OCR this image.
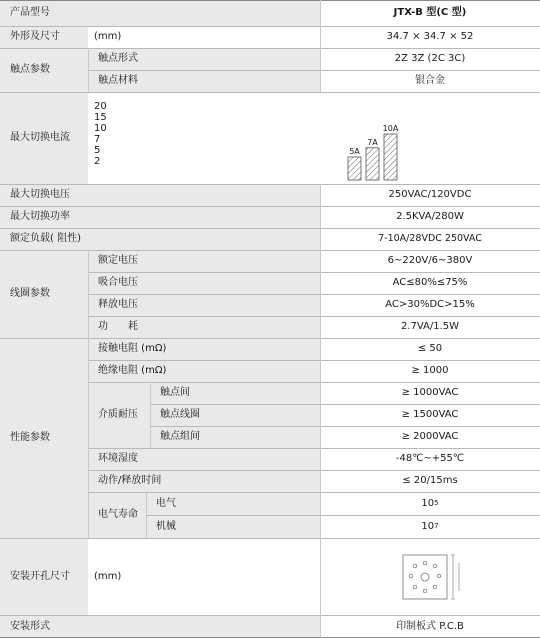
产品型号	JTX-B 型(C 型)
外形及尺寸	(mm)	34.7 × 34.7 × 52
触点参数
触点形式	2Z 3Z (2C 3C)
触点材料	银合金
最大切换电流
20
15
10
7
5
2
5A
7A
10A
最大切换电压	250VAC/120VDC
最大切换功率	2.5KVA/280W
额定负载( 阻性)	7-10A/28VDC 250VAC
线圈参数
额定电压	6~220V/6~380V
吸合电压	AC≤80%≤75%
释放电压	AC>30%DC>15%
功　　耗	2.7VA/1.5W
性能参数
接触电阻 (mΩ)	≤ 50
绝缘电阻 (mΩ)	≥ 1000
介质耐压
触点间	≥ 1000VAC
触点线圈	≥ 1500VAC
触点组间	≥ 2000VAC
环境湿度	-48℃~+55℃
动作/释放时间	≤ 20/15ms
电气寿命
电气	10 5
机械	10 7
安装开孔尺寸 (mm)
安装形式	印制板式 P.C.B
